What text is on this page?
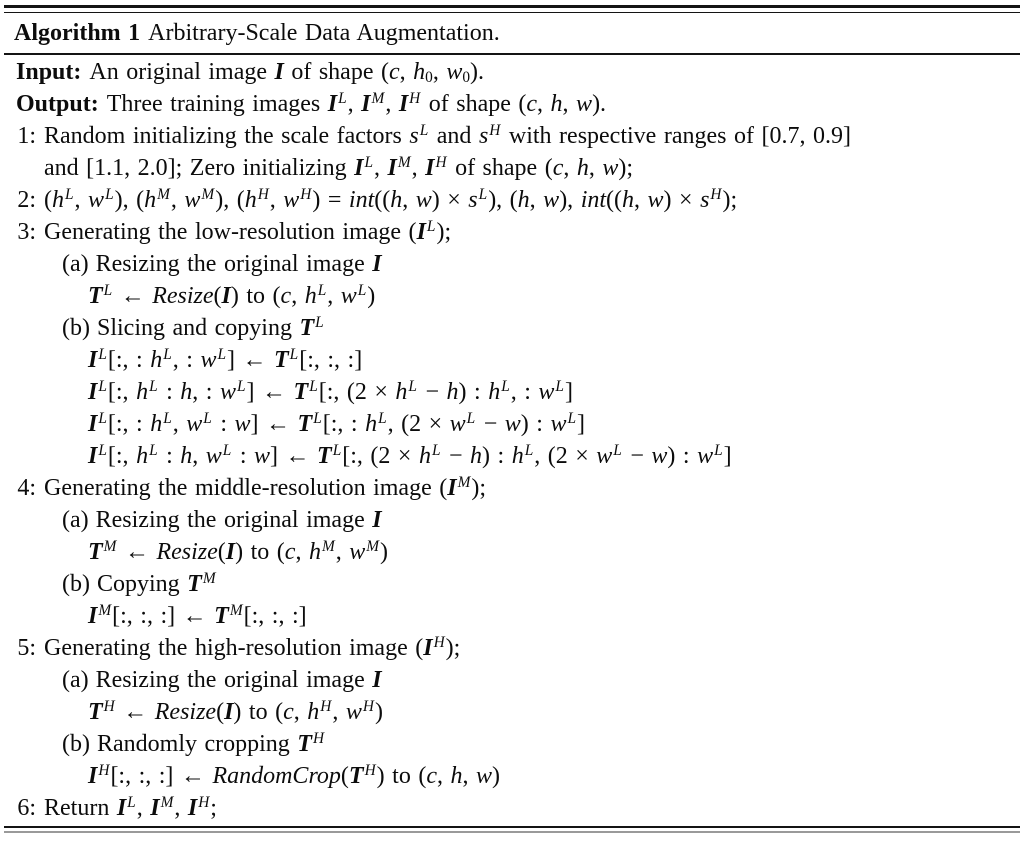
Algorithm 1 Arbitrary-Scale Data Augmentation.
Input: An original image I of shape (c, $h_0$, $w_0$).
Output: Three training images $I^L$, $I^M$, $I^H$ of shape (c, h, w).
1: Random initializing the scale factors $s^L$ and $s^H$ with respective ranges of [0.7, 0.9]
and [1.1, 2.0]; Zero initializing $I^L$, $I^M$, $I^H$ of shape (c, h, w);
2: ($h^L$, $w^L$), ($h^M$, $w^M$), ($h^H$, $w^H) = int((h$, $w) \times s^L$), (h, w), int((h, $w) \times s^H$);
3: Generating the low-resolution image $(I^L)$;
(a) Resizing the original image I
$T^L$ ← Resize(I) to (c, $h^L$, $w^L$)
(b) Slicing and copying $T^L$
$I^L$[:, : $h^L$, : $w^L$] ← $T^L$[:, :, :]
$I^L$[:, $h^L$ : h, : $w^L$] ← $T^L$[:, $(2 \times h^L - h)$ : $h^L$, : $w^L$]
$I^L$[:, : $h^L$, $w^L$ : w] ← $T^L$[:, : $h^L$, $(2 \times w^L - w)$ : $w^L$]
$I^L$[:, $h^L$ : h, $w^L$ : w] ← $T^L$[:, $(2 \times h^L - h)$ : $h^L$, $(2 \times w^L - w)$ : $w^L$]
4: Generating the middle-resolution image $(I^M)$;
(a) Resizing the original image I
$T^M$ ← Resize(I) to (c, $h^M$, $w^M$)
(b) Copying $T^M$
$I^M$[:, :, :] ← $T^M$[:, :, :]
5: Generating the high-resolution image $(I^H)$;
(a) Resizing the original image I
$T^H$ ← Resize(I) to (c, $h^H$, $w^H$)
(b) Randomly cropping $T^H$
$I^H$[:, :, :] ← $RandomCrop(T^H)$ to (c, h, w)
6: Return $I^L$, $I^M$, $I^H$;
